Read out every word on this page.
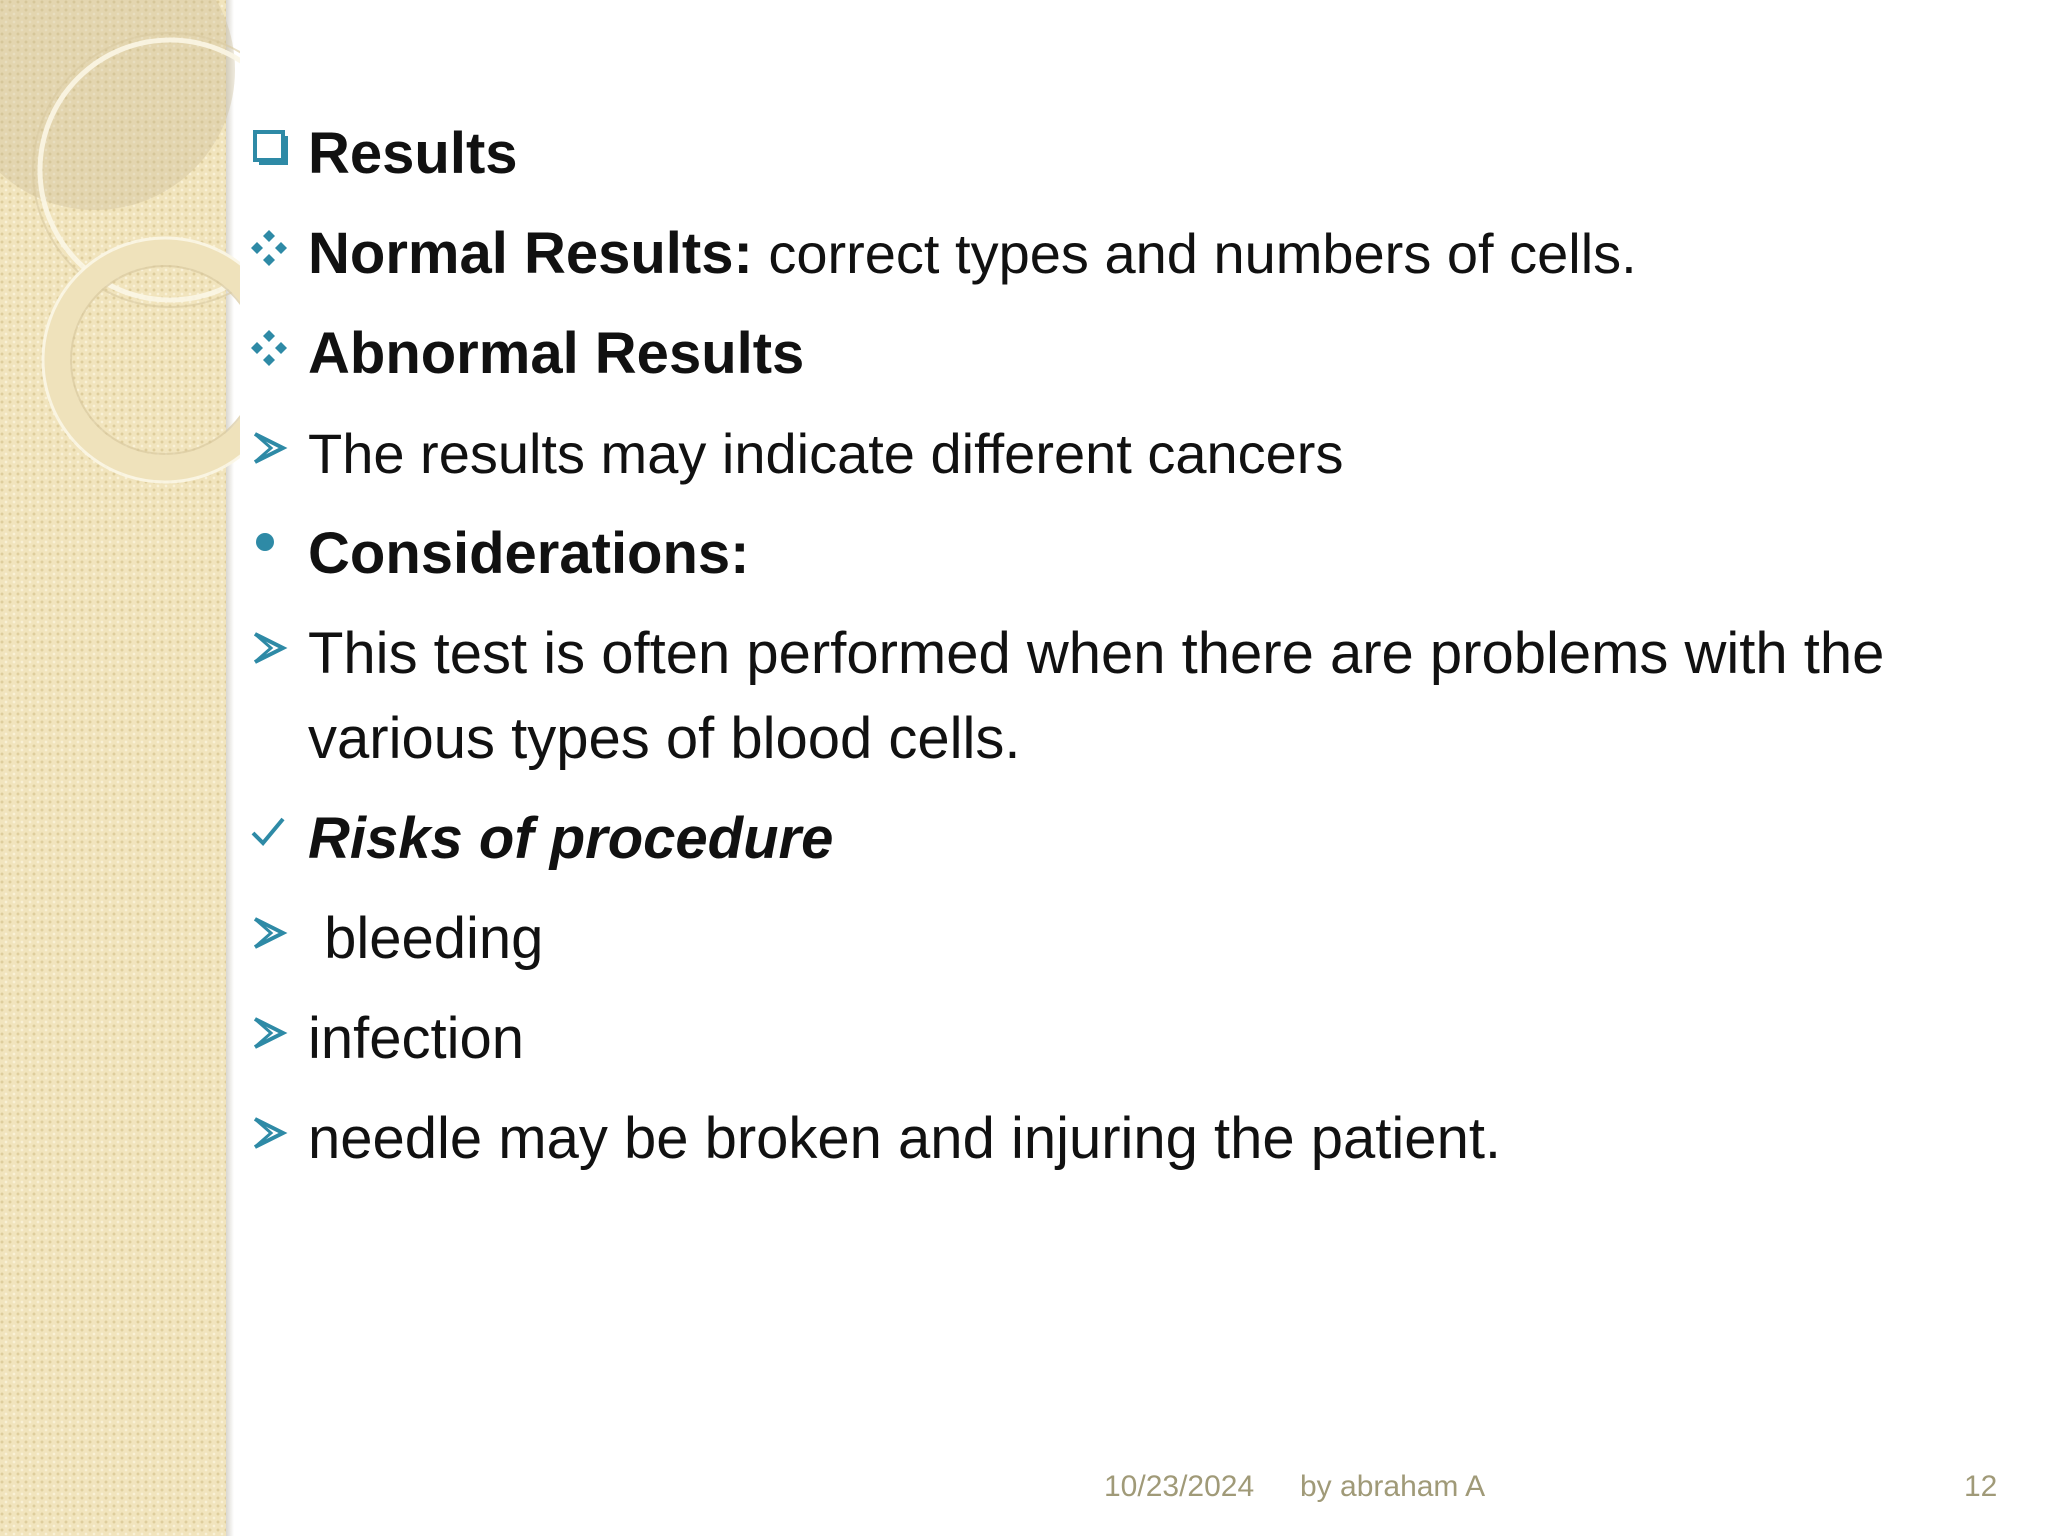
Results
Normal Results: correct types and numbers of cells.
Abnormal Results
The results may indicate different cancers
Considerations:
This test is often performed when there are problems with the various types of blood cells.
Risks of procedure
bleeding
infection
needle may be broken and injuring the patient.
10/23/2024 by abraham A	12
